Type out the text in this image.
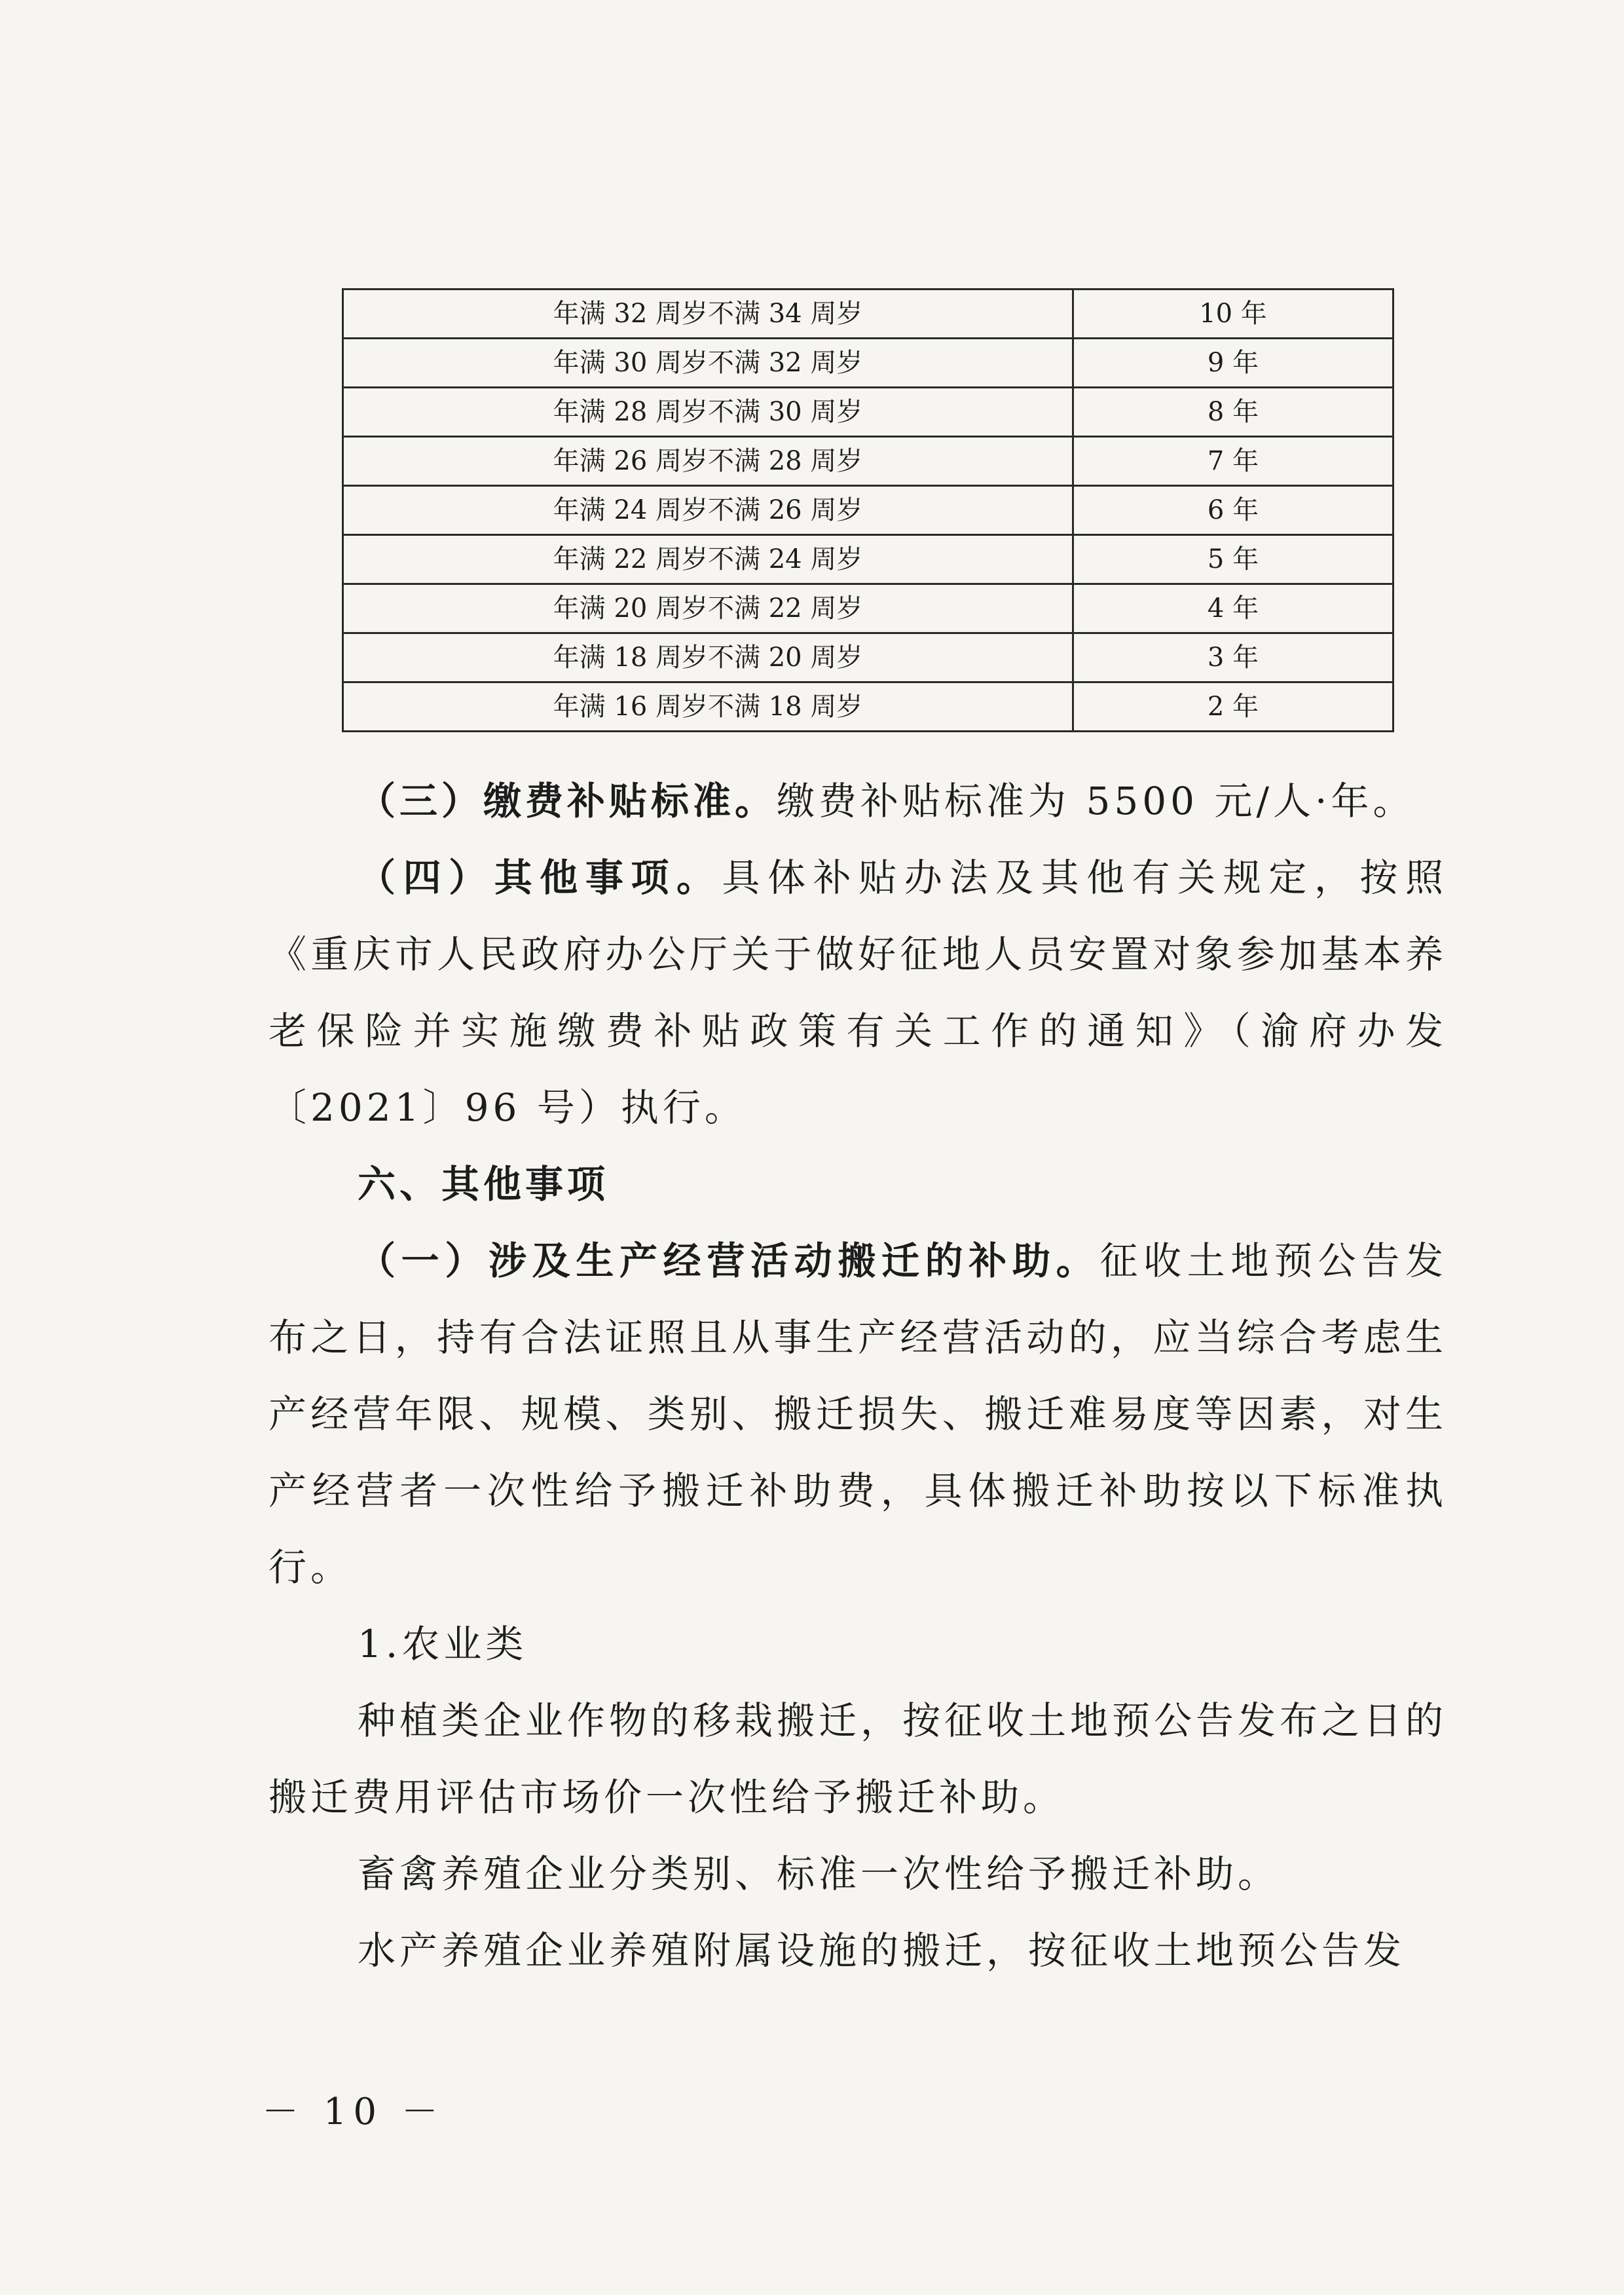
年满 32 周岁不满 34 周岁	10 年
年满 30 周岁不满 32 周岁	9 年
年满 28 周岁不满 30 周岁	8 年
年满 26 周岁不满 28 周岁	7 年
年满 24 周岁不满 26 周岁	6 年
年满 22 周岁不满 24 周岁	5 年
年满 20 周岁不满 22 周岁	4 年
年满 18 周岁不满 20 周岁	3 年
年满 16 周岁不满 18 周岁	2 年

（三）缴费补贴标准。缴费补贴标准为 5500 元/人·年。

（四）其他事项。具体补贴办法及其他有关规定，按照《重庆市人民政府办公厅关于做好征地人员安置对象参加基本养老保险并实施缴费补贴政策有关工作的通知》（渝府办发〔2021〕96 号）执行。

六、其他事项

（一）涉及生产经营活动搬迁的补助。征收土地预公告发布之日，持有合法证照且从事生产经营活动的，应当综合考虑生产经营年限、规模、类别、搬迁损失、搬迁难易度等因素，对生产经营者一次性给予搬迁补助费，具体搬迁补助按以下标准执行。

1.农业类

种植类企业作物的移栽搬迁，按征收土地预公告发布之日的搬迁费用评估市场价一次性给予搬迁补助。

畜禽养殖企业分类别、标准一次性给予搬迁补助。

水产养殖企业养殖附属设施的搬迁，按征收土地预公告发

－ 10 －
